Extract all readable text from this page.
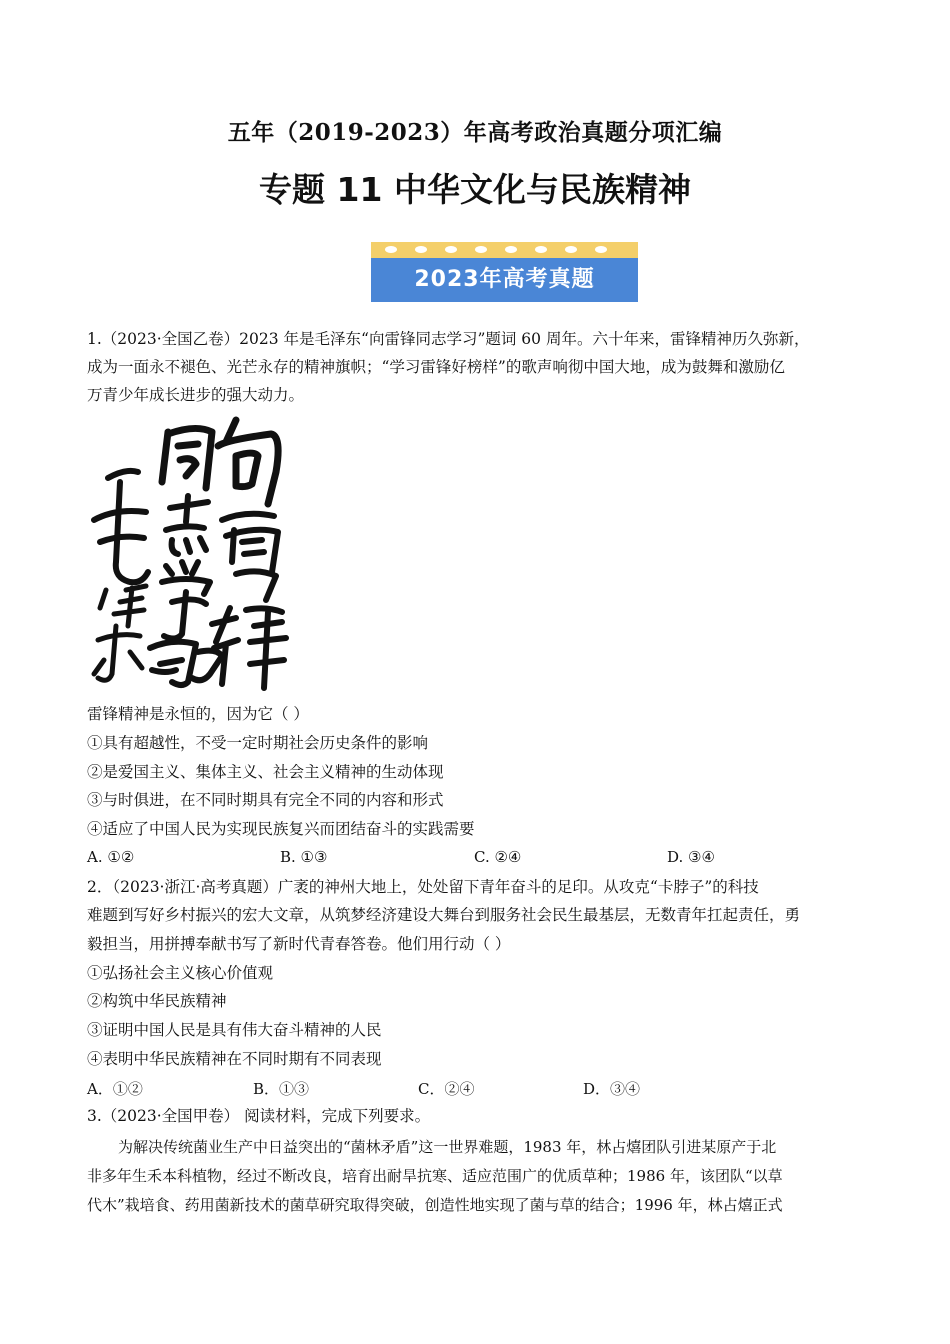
五年（2019-2023）年高考政治真题分项汇编
专题 11 中华文化与民族精神
2023年高考真题
1.（2023·全国乙卷）2023 年是毛泽东“向雷锋同志学习”题词 60 周年。六十年来，雷锋精神历久弥新，
成为一面永不褪色、光芒永存的精神旗帜；“学习雷锋好榜样”的歌声响彻中国大地，成为鼓舞和激励亿
万青少年成长进步的强大动力。
雷锋精神是永恒的，因为它（ ）
①具有超越性，不受一定时期社会历史条件的影响
②是爱国主义、集体主义、社会主义精神的生动体现
③与时俱进，在不同时期具有完全不同的内容和形式
④适应了中国人民为实现民族复兴而团结奋斗的实践需要
A. ①②	B. ①③	C. ②④	D. ③④
2．（2023·浙江·高考真题）广袤的神州大地上，处处留下青年奋斗的足印。从攻克“卡脖子”的科技
难题到写好乡村振兴的宏大文章，从筑梦经济建设大舞台到服务社会民生最基层，无数青年扛起责任，勇
毅担当，用拼搏奉献书写了新时代青春答卷。他们用行动（ ）
①弘扬社会主义核心价值观
②构筑中华民族精神
③证明中国人民是具有伟大奋斗精神的人民
④表明中华民族精神在不同时期有不同表现
A．①②	B．①③	C．②④	D．③④
3.（2023·全国甲卷） 阅读材料，完成下列要求。
为解决传统菌业生产中日益突出的“菌林矛盾”这一世界难题，1983 年，林占熺团队引进某原产于北
非多年生禾本科植物，经过不断改良，培育出耐旱抗寒、适应范围广的优质草种；1986 年，该团队“以草
代木”栽培食、药用菌新技术的菌草研究取得突破，创造性地实现了菌与草的结合；1996 年，林占熺正式
